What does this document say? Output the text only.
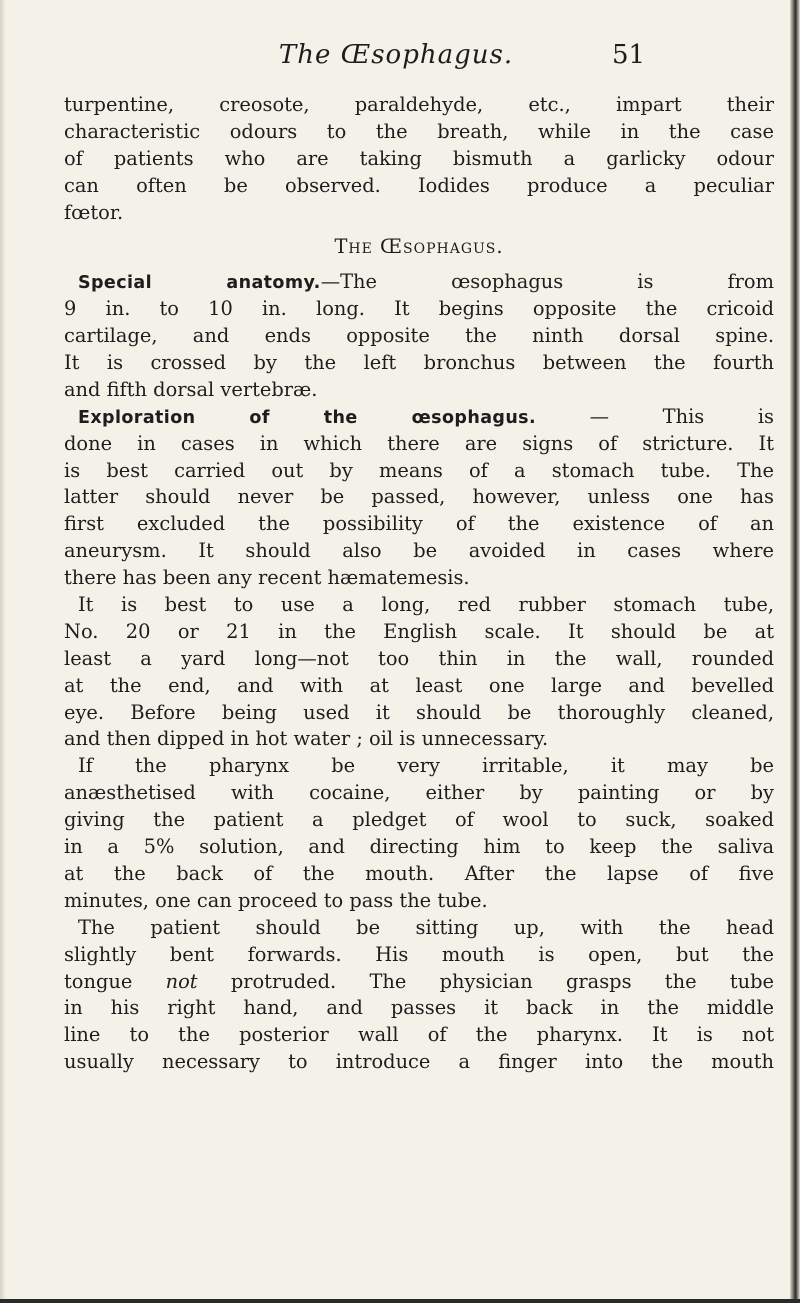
The Œsophagus.	51
turpentine, creosote, paraldehyde, etc., impart their
characteristic odours to the breath, while in the case
of patients who are taking bismuth a garlicky odour
can often be observed. Iodides produce a peculiar
fœtor.
The Œsophagus.
Special anatomy.—The œsophagus is from
9 in. to 10 in. long. It begins opposite the cricoid
cartilage, and ends opposite the ninth dorsal spine.
It is crossed by the left bronchus between the fourth
and fifth dorsal vertebræ.
Exploration of the œsophagus. — This is
done in cases in which there are signs of stricture. It
is best carried out by means of a stomach tube. The
latter should never be passed, however, unless one has
first excluded the possibility of the existence of an
aneurysm. It should also be avoided in cases where
there has been any recent hæmatemesis.
It is best to use a long, red rubber stomach tube,
No. 20 or 21 in the English scale. It should be at
least a yard long—not too thin in the wall, rounded
at the end, and with at least one large and bevelled
eye. Before being used it should be thoroughly cleaned,
and then dipped in hot water ; oil is unnecessary.
If the pharynx be very irritable, it may be
anæsthetised with cocaine, either by painting or by
giving the patient a pledget of wool to suck, soaked
in a 5% solution, and directing him to keep the saliva
at the back of the mouth. After the lapse of five
minutes, one can proceed to pass the tube.
The patient should be sitting up, with the head
slightly bent forwards. His mouth is open, but the
tongue not protruded. The physician grasps the tube
in his right hand, and passes it back in the middle
line to the posterior wall of the pharynx. It is not
usually necessary to introduce a finger into the mouth
